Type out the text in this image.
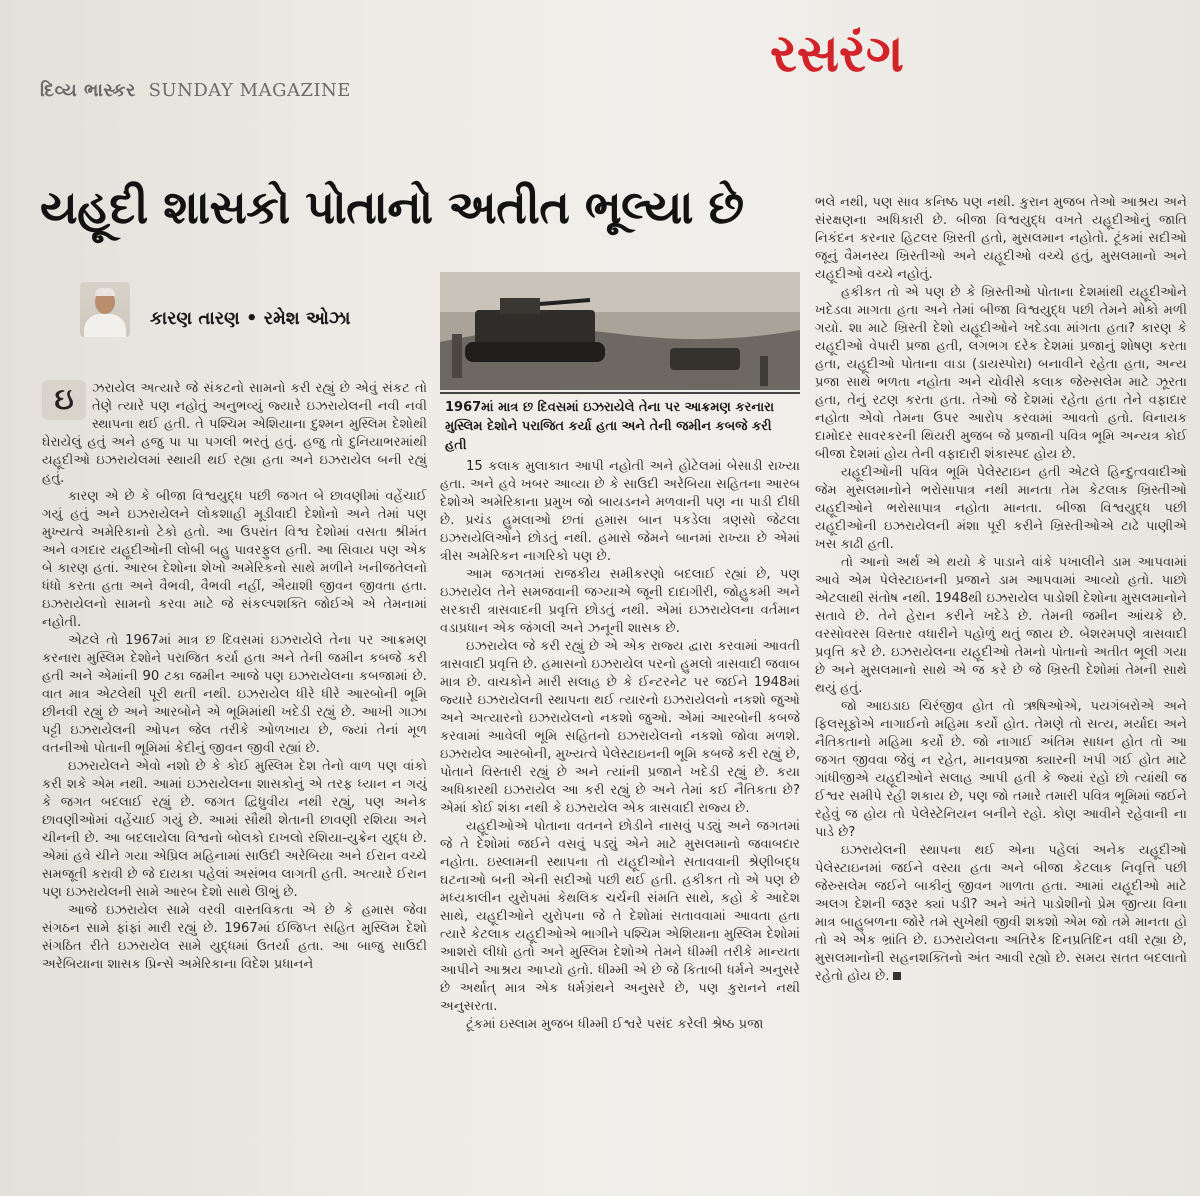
રસરંગ
દિવ્ય ભાસ્કર SUNDAY MAGAZINE
યહૂદી શાસકો પોતાનો અતીત ભૂલ્યા છે
કારણ તારણ • રમેશ ઓઝા
1967માં માત્ર છ દિવસમાં ઇઝરાયેલે તેના પર આક્રમણ કરનારા મુસ્લિમ દેશોને પરાજિત કર્યા હતા અને તેની જમીન કબજે કરી હતી

ઇ	ઝરાયેલ અત્યારે જે સંકટનો સામનો કરી રહ્યું છે એવું સંકટ તો તેણે ત્યારે પણ નહોતું અનુભવ્યું જ્યારે ઇઝરાયેલની નવી નવી સ્થાપના થઈ હતી. તે પશ્ચિમ એશિયાના દુશ્મન મુસ્લિમ દેશોથી ઘેરાયેલું હતું અને હજુ પા પા પગલી ભરતું હતું. હજુ તો દુનિયાભરમાંથી યહૂદીઓ ઇઝરાયેલમાં સ્થાયી થઈ રહ્યા હતા અને ઇઝરાયેલ બની રહ્યું હતું.

કારણ એ છે કે બીજા વિશ્વયુદ્ધ પછી જગત બે છાવણીમાં વહેંચાઈ ગયું હતું અને ઇઝરાયેલને લોકશાહી મૂડીવાદી દેશોનો અને તેમાં પણ મુખ્યત્વે અમેરિકાનો ટેકો હતો. આ ઉપરાંત વિશ્વ દેશોમાં વસતા શ્રીમંત અને વગદાર યહૂદીઓની લોબી બહુ પાવરફુલ હતી. આ સિવાય પણ એક બે કારણ હતાં. આરબ દેશોના શેખો અમેરિકનો સાથે મળીને ખનીજતેલનો ધંધો કરતા હતા અને વૈભવી, વૈભવી નહીં, ઐયાશી જીવન જીવતા હતા. ઇઝરાયેલનો સામનો કરવા માટે જે સંકલ્પશક્તિ જોઈએ એ તેમનામાં નહોતી.

એટલે તો 1967માં માત્ર છ દિવસમાં ઇઝરાયેલે તેના પર આક્રમણ કરનારા મુસ્લિમ દેશોને પરાજિત કર્યા હતા અને તેની જમીન કબજે કરી હતી અને એમાંની 90 ટકા જમીન આજે પણ ઇઝરાયેલના કબજામાં છે. વાત માત્ર એટલેથી પૂરી થતી નથી. ઇઝરાયેલ ધીરે ધીરે આરબોની ભૂમિ છીનવી રહ્યું છે અને આરબોને એ ભૂમિમાંથી ખદેડી રહ્યું છે. આખી ગાઝા પટ્ટી ઇઝરાયેલની ઓપન જેલ તરીકે ઓળખાય છે, જ્યાં તેનાં મૂળ વતનીઓ પોતાની ભૂમિમાં કેદીનું જીવન જીવી રહ્યાં છે.

ઇઝરાયેલને એવો નશો છે કે કોઈ મુસ્લિમ દેશ તેનો વાળ પણ વાંકો કરી શકે એમ નથી. આમાં ઇઝરાયેલના શાસકોનું એ તરફ ધ્યાન ન ગયું કે જગત બદલાઈ રહ્યું છે. જગત દ્વિધ્રુવીય નથી રહ્યું, પણ અનેક છાવણીઓમાં વહેંચાઈ ગયું છે. આમાં સૌથી શેતાની છાવણી રશિયા અને ચીનની છે. આ બદલાયેલા વિશ્વનો બોલકો દાખલો રશિયા-યુક્રેન યુદ્ધ છે. એમાં હવે ચીને ગયા એપ્રિલ મહિનામાં સાઉદી અરેબિયા અને ઈરાન વચ્ચે સમજૂતી કરાવી છે જે દાયકા પહેલાં અસંભવ લાગતી હતી. અત્યારે ઈરાન પણ ઇઝરાયેલની સામે આરબ દેશો સાથે ઊભું છે.

આજે ઇઝરાયેલ સામે વરવી વાસ્તવિકતા એ છે કે હમાસ જેવા સંગઠન સામે ફાંફાં મારી રહ્યું છે. 1967માં ઈજિપ્ત સહિત મુસ્લિમ દેશો સંગઠિત રીતે ઇઝરાયેલ સામે યુદ્ધમાં ઉતર્યા હતા. આ બાજુ સાઉદી અરેબિયાના શાસક પ્રિન્સે અમેરિકાના વિદેશ પ્રધાનને

15 કલાક મુલાકાત આપી નહોતી અને હોટેલમાં બેસાડી રાખ્યા હતા. અને હવે ખબર આવ્યા છે કે સાઉદી અરેબિયા સહિતના આરબ દેશોએ અમેરિકાના પ્રમુખ જો બાયડનને મળવાની પણ ના પાડી દીધી છે. પ્રચંડ હુમલાઓ છતાં હમાસ બાન પકડેલા ત્રણસો જેટલા ઇઝરાયેલિઓને છોડતું નથી. હમાસે જેમને બાનમાં રાખ્યા છે એમાં ત્રીસ અમેરિકન નાગરિકો પણ છે.

આમ જગતમાં રાજકીય સમીકરણો બદલાઈ રહ્યાં છે, પણ ઇઝરાયેલ તેને સમજવાની જગ્યાએ જૂની દાદાગીરી, જોહુકમી અને સરકારી ત્રાસવાદની પ્રવૃત્તિ છોડતું નથી. એમાં ઇઝરાયેલના વર્તમાન વડાપ્રધાન એક જંગલી અને ઝનૂની શાસક છે.

ઇઝરાયેલ જે કરી રહ્યું છે એ એક રાજ્ય દ્વારા કરવામાં આવતી ત્રાસવાદી પ્રવૃત્તિ છે. હમાસનો ઇઝરાયેલ પરનો હુમલો ત્રાસવાદી જવાબ માત્ર છે. વાચકોને મારી સલાહ છે કે ઈન્ટરનેટ પર જઈને 1948માં જ્યારે ઇઝરાયેલની સ્થાપના થઈ ત્યારનો ઇઝરાયેલનો નકશો જુઓ અને અત્યારનો ઇઝરાયેલનો નકશો જુઓ. એમાં આરબોની કબજે કરવામાં આવેલી ભૂમિ સહિતનો ઇઝરાયેલનો નકશો જોવા મળશે. ઇઝરાયેલ આરબોની, મુખ્યત્વે પેલેસ્ટાઇનની ભૂમિ કબજે કરી રહ્યું છે, પોતાને વિસ્તારી રહ્યું છે અને ત્યાંની પ્રજાને ખદેડી રહ્યું છે. કયા અધિકારથી ઇઝરાયેલ આ કરી રહ્યું છે અને તેમાં કઈ નૈતિકતા છે? એમાં કોઈ શંકા નથી કે ઇઝરાયેલ એક ત્રાસવાદી રાજ્ય છે.

યહૂદીઓએ પોતાના વતનને છોડીને નાસવું પડ્યું અને જગતમાં જે તે દેશોમાં જઈને વસવું પડ્યું એને માટે મુસલમાનો જવાબદાર નહોતા. ઇસ્લામની સ્થાપના તો યહૂદીઓને સતાવવાની શ્રેણીબદ્ધ ઘટનાઓ બની એની સદીઓ પછી થઈ હતી. હકીકત તો એ પણ છે મધ્યકાલીન યુરોપમાં કેથલિક ચર્ચની સંમતિ સાથે, કહો કે આદેશ સાથે, યહૂદીઓને યુરોપના જે તે દેશોમાં સતાવવામાં આવતા હતા ત્યારે કેટલાક યહૂદીઓએ ભાગીને પશ્ચિમ એશિયાના મુસ્લિમ દેશોમાં આશરો લીધો હતો અને મુસ્લિમ દેશોએ તેમને ધીમ્મી તરીકે માન્યતા આપીને આશ્રય આપ્યો હતો. ધીમ્મી એ છે જે કિતાબી ધર્મને અનુસરે છે અર્થાત્ માત્ર એક ધર્મગ્રંથને અનુસરે છે, પણ કુરાનને નથી અનુસરતા.

ટૂંકમાં ઇસ્લામ મુજબ ધીમ્મી ઈશ્વરે પસંદ કરેલી શ્રેષ્ઠ પ્રજા

ભલે નથી, પણ સાવ કનિષ્ઠ પણ નથી. કુરાન મુજબ તેઓ આશ્રય અને સંરક્ષણના અધિકારી છે. બીજા વિશ્વયુદ્ધ વખતે યહૂદીઓનું જાતિ નિકંદન કરનાર હિટલર ખ્રિસ્તી હતો, મુસલમાન નહોતો. ટૂંકમાં સદીઓ જૂનું વૈમનસ્ય ખ્રિસ્તીઓ અને યહૂદીઓ વચ્ચે હતું, મુસલમાનો અને યહૂદીઓ વચ્ચે નહોતું.

હકીકત તો એ પણ છે કે ખ્રિસ્તીઓ પોતાના દેશમાંથી યહૂદીઓને ખદેડવા માગતા હતા અને તેમાં બીજા વિશ્વયુદ્ધ પછી તેમને મોકો મળી ગયો. શા માટે ખ્રિસ્તી દેશો યહૂદીઓને ખદેડવા માંગતા હતા? કારણ કે યહૂદીઓ વેપારી પ્રજા હતી, લગભગ દરેક દેશમાં પ્રજાનું શોષણ કરતા હતા, યહૂદીઓ પોતાના વાડા (ડાયસ્પોરા) બનાવીને રહેતા હતા, અન્ય પ્રજા સાથે ભળતા નહોતા અને ચોવીસે કલાક જેરુસલેમ માટે ઝૂરતા હતા, તેનું રટણ કરતા હતા. તેઓ જે દેશમાં રહેતા હતા તેને વફાદાર નહોતા એવો તેમના ઉપર આરોપ કરવામાં આવતો હતો. વિનાયક દામોદર સાવરકરની થિયરી મુજબ જે પ્રજાની પવિત્ર ભૂમિ અન્યત્ર કોઈ બીજા દેશમાં હોય તેની વફાદારી શંકાસ્પદ હોય છે.

યહૂદીઓની પવિત્ર ભૂમિ પેલેસ્ટાઇન હતી એટલે હિન્દુત્વવાદીઓ જેમ મુસલમાનોને ભરોસાપાત્ર નથી માનતા તેમ કેટલાક ખ્રિસ્તીઓ યહૂદીઓને ભરોસાપાત્ર નહોતા માનતા. બીજા વિશ્વયુદ્ધ પછી યહૂદીઓની ઇઝરાયેલની મંશા પૂરી કરીને ખ્રિસ્તીઓએ ટાઢે પાણીએ ખસ કાઢી હતી.

તો આનો અર્થ એ થયો કે પાડાને વાંકે પખાલીને ડામ આપવામાં આવે એમ પેલેસ્ટાઇનની પ્રજાને ડામ આપવામાં આવ્યો હતો. પાછો એટલાથી સંતોષ નથી. 1948થી ઇઝરાયેલ પાડોશી દેશોના મુસલમાનોને સતાવે છે. તેને હેરાન કરીને ખદેડે છે. તેમની જમીન આંચકે છે. વરસોવરસ વિસ્તાર વધારીને પહોળું થતું જાય છે. બેશરમપણે ત્રાસવાદી પ્રવૃત્તિ કરે છે. ઇઝરાયેલના યહૂદીઓ તેમનો પોતાનો અતીત ભૂલી ગયા છે અને મુસલમાનો સાથે એ જ કરે છે જે ખ્રિસ્તી દેશોમાં તેમની સાથે થયું હતું.

જો આઇડાઇ ચિરંજીવ હોત તો ઋષિઓએ, પયગંબરોએ અને ફિલસૂફોએ નાગાઈનો મહિમા કર્યો હોત. તેમણે તો સત્ય, મર્યાદા અને નૈતિકતાનો મહિમા કર્યો છે. જો નાગાઈ અંતિમ સાધન હોત તો આ જગત જીવવા જેવું ન રહેત, માનવપ્રજા ક્યારની ખપી ગઈ હોત માટે ગાંધીજીએ યહૂદીઓને સલાહ આપી હતી કે જ્યાં રહો છો ત્યાંથી જ ઈશ્વર સમીપે રહી શકાય છે, પણ જો તમારે તમારી પવિત્ર ભૂમિમાં જઈને રહેવું જ હોય તો પેલેસ્ટેનિયન બનીને રહો. કોણ આવીને રહેવાની ના પાડે છે?

ઇઝરાયેલની સ્થાપના થઈ એના પહેલાં અનેક યહૂદીઓ પેલેસ્ટાઇનમાં જઈને વસ્યા હતા અને બીજા કેટલાક નિવૃત્તિ પછી જેરુસલેમ જઈને બાકીનું જીવન ગાળતા હતા. આમાં યહૂદીઓ માટે અલગ દેશની જરૂર ક્યાં પડી? અને અંતે પાડોશીનો પ્રેમ જીત્યા વિના માત્ર બાહુબળના જોરે તમે સુખેથી જીવી શકશો એમ જો તમે માનતા હો તો એ એક ભ્રાંતિ છે. ઇઝરાયેલના અતિરેક દિનપ્રતિદિન વધી રહ્યા છે, મુસલમાનોની સહનશક્તિનો અંત આવી રહ્યો છે. સમય સતત બદલાતો રહેતો હોય છે.
